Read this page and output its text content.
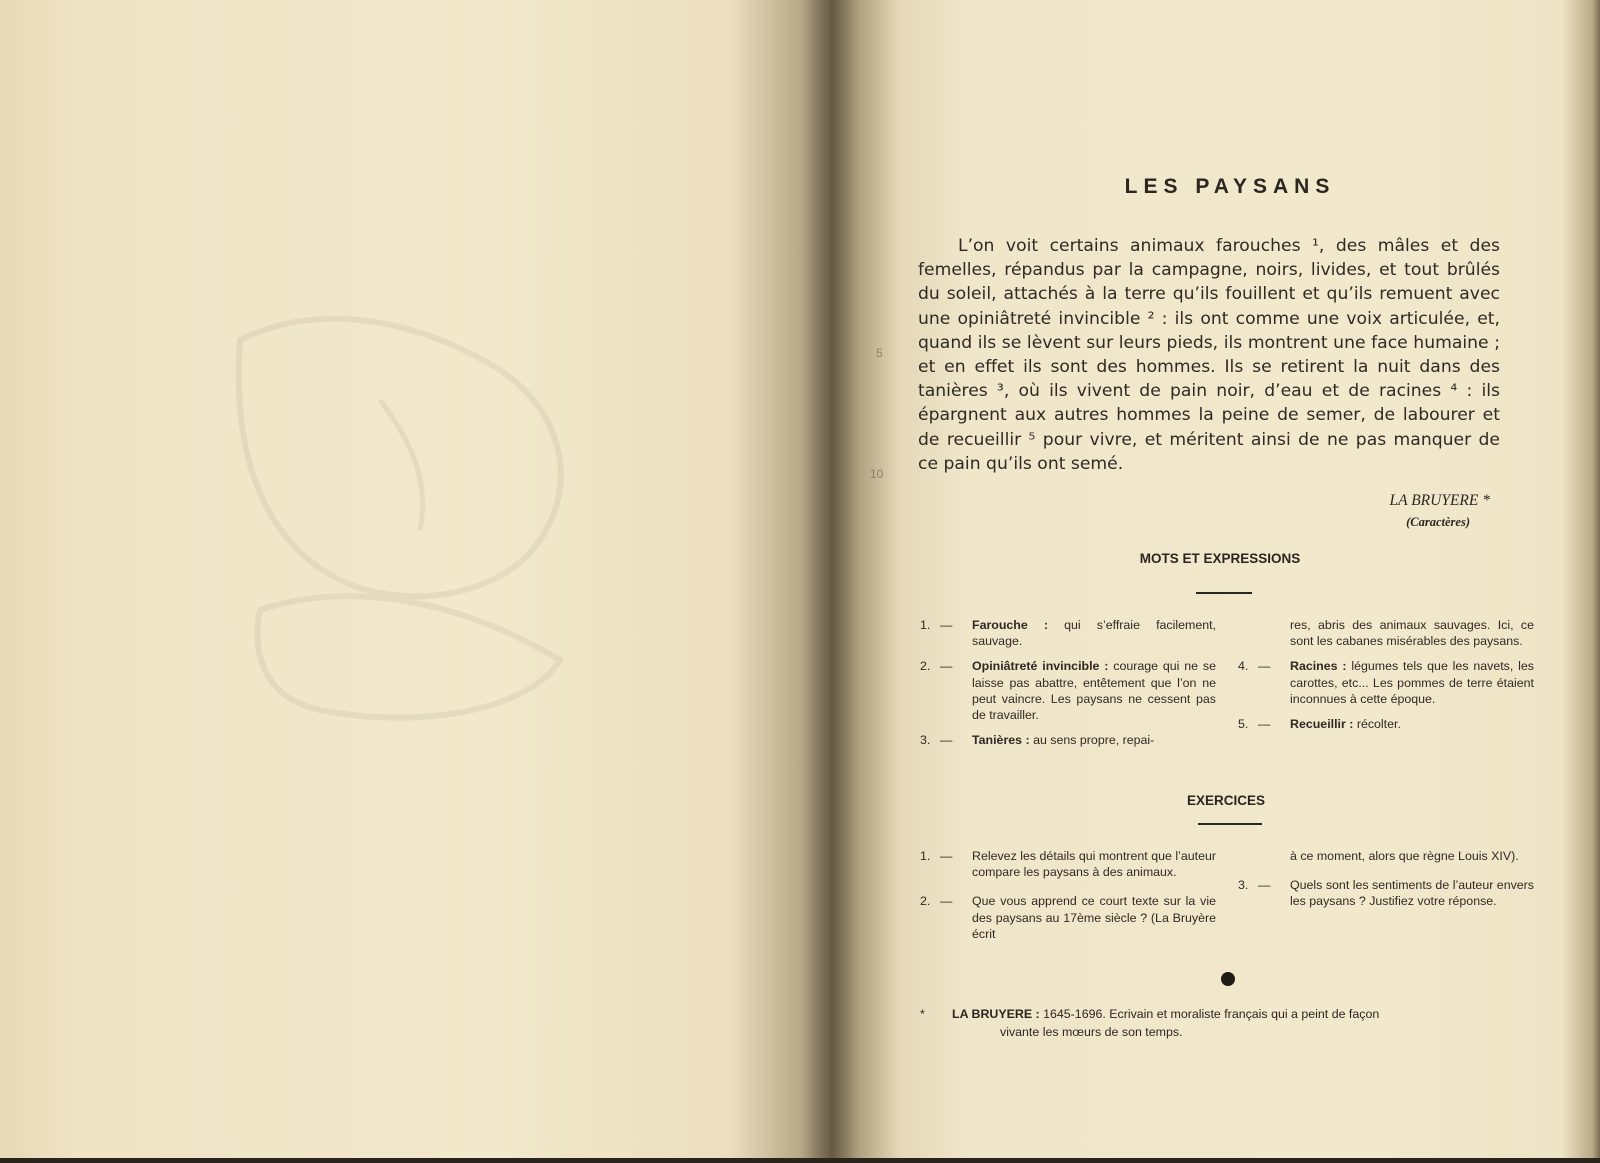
LES PAYSANS

L’on voit certains animaux farouches ¹, des mâles et des femelles, répandus par la campagne, noirs, livides, et tout brûlés du soleil, attachés à la terre qu’ils fouillent et qu’ils remuent avec une opiniâtreté invincible ² : ils ont comme une voix articulée, et, quand ils se lèvent sur leurs pieds, ils montrent une face humaine ; et en effet ils sont des hommes. Ils se retirent la nuit dans des tanières ³, où ils vivent de pain noir, d’eau et de racines ⁴ : ils épargnent aux autres hommes la peine de semer, de labourer et de recueillir ⁵ pour vivre, et méritent ainsi de ne pas manquer de ce pain qu’ils ont semé.

5
10
LA BRUYERE *
(Caractères)
MOTS ET EXPRESSIONS
1. — Farouche : qui s’effraie facilement, sauvage.
2. — Opiniâtreté invincible : courage qui ne se laisse pas abattre, entêtement que l’on ne peut vaincre. Les paysans ne cessent pas de travailler.
3. — Tanières : au sens propre, repai-
res, abris des animaux sauvages. Ici, ce sont les cabanes misérables des paysans.
4. — Racines : légumes tels que les navets, les carottes, etc... Les pommes de terre étaient inconnues à cette époque.
5. — Recueillir : récolter.
EXERCICES
1. — Relevez les détails qui montrent que l’auteur compare les paysans à des animaux.
2. — Que vous apprend ce court texte sur la vie des paysans au 17ème siècle ? (La Bruyère écrit
à ce moment, alors que règne Louis XIV).
3. — Quels sont les sentiments de l’auteur envers les paysans ? Justifiez votre réponse.
*	LA BRUYERE : 1645-1696. Ecrivain et moraliste français qui a peint de façon
vivante les mœurs de son temps.
